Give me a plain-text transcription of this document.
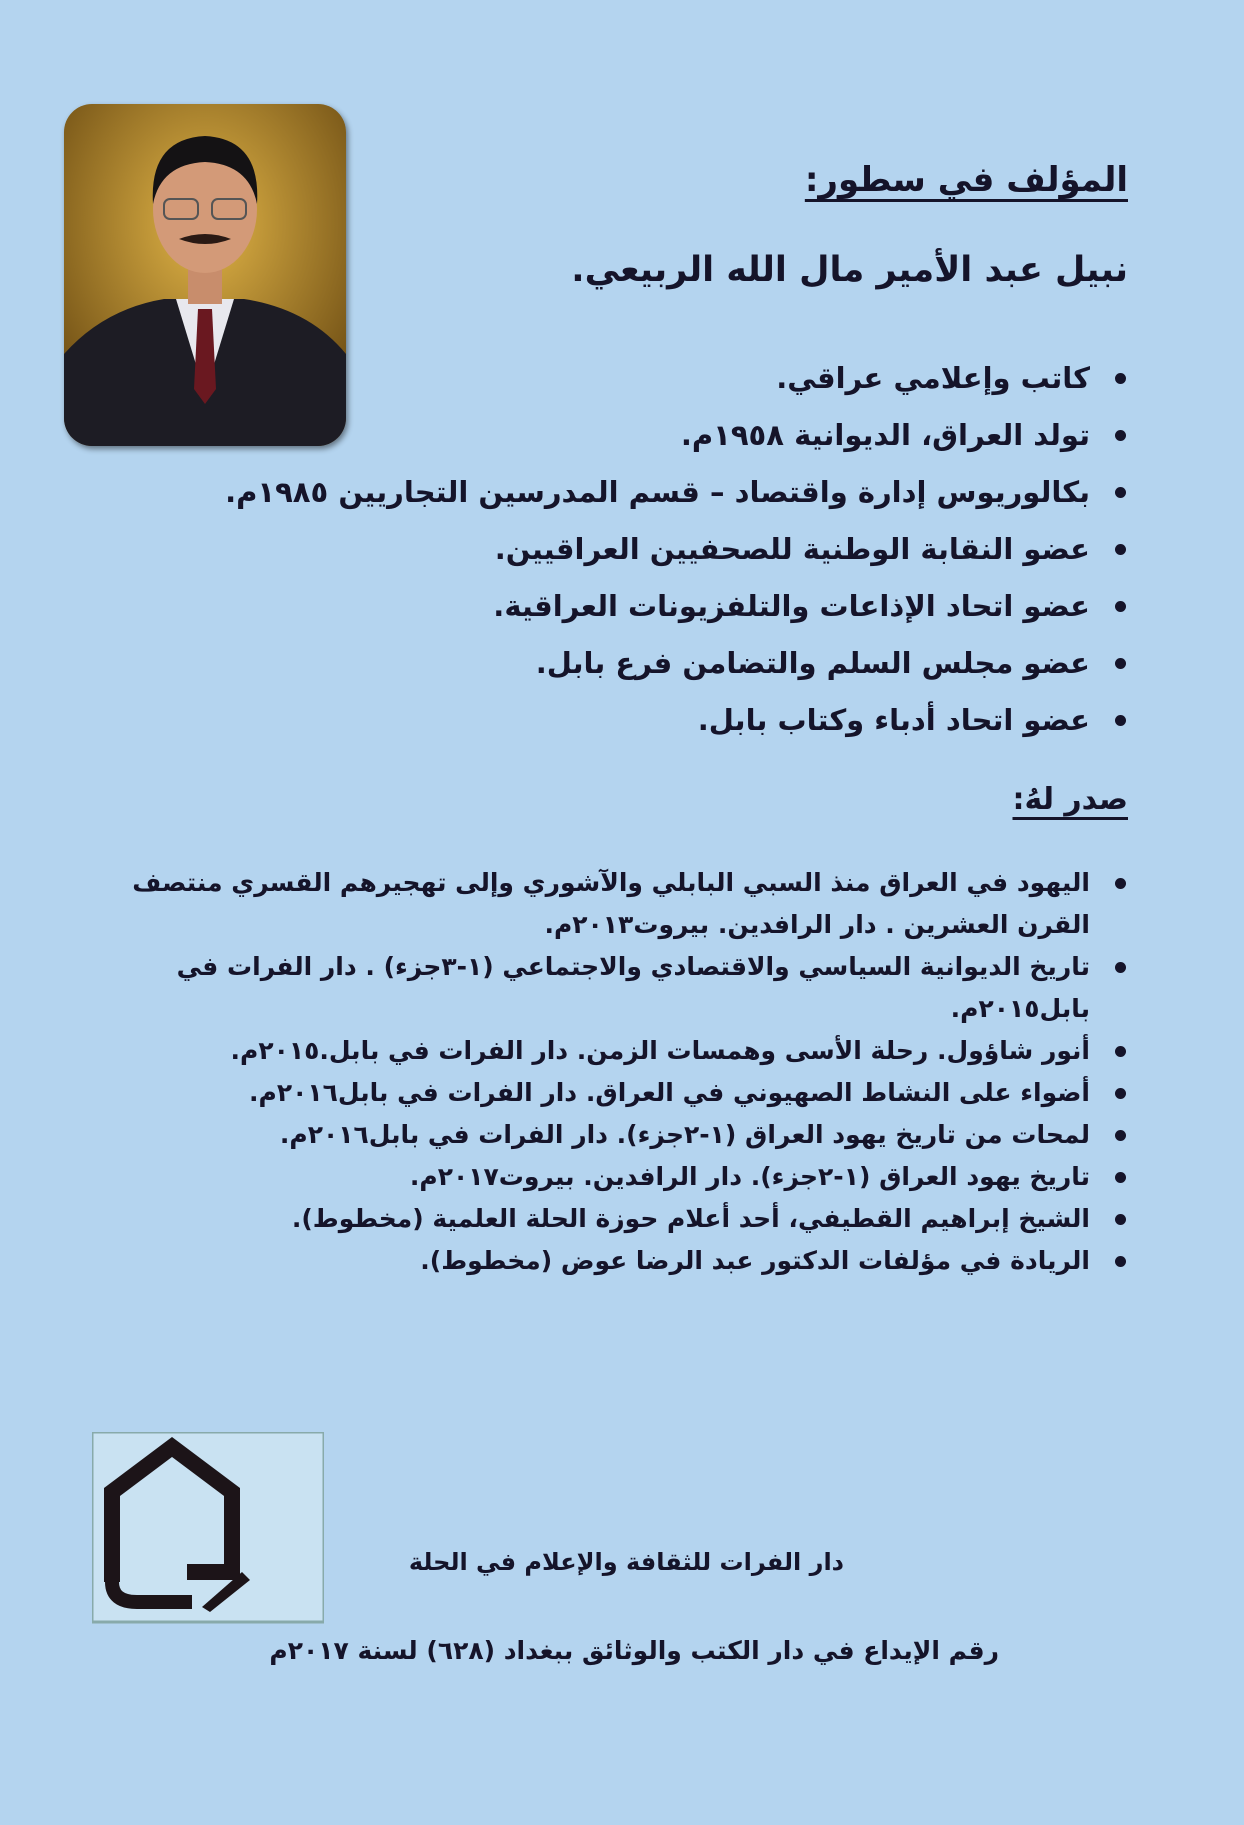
المؤلف في سطور:
نبيل عبد الأمير مال الله الربيعي.
كاتب وإعلامي عراقي.
تولد العراق، الديوانية ١٩٥٨م.
بكالوريوس إدارة واقتصاد – قسم المدرسين التجاريين ١٩٨٥م.
عضو النقابة الوطنية للصحفيين العراقيين.
عضو اتحاد الإذاعات والتلفزيونات العراقية.
عضو مجلس السلم والتضامن فرع بابل.
عضو اتحاد أدباء وكتاب بابل.
صدر لهُ:
اليهود في العراق منذ السبي البابلي والآشوري وإلى تهجيرهم القسري منتصف القرن العشرين . دار الرافدين. بيروت٢٠١٣م.
تاريخ الديوانية السياسي والاقتصادي والاجتماعي (١-٣جزء) . دار الفرات في بابل٢٠١٥م.
أنور شاؤول. رحلة الأسى وهمسات الزمن. دار الفرات في بابل.٢٠١٥م.
أضواء على النشاط الصهيوني في العراق. دار الفرات في بابل٢٠١٦م.
لمحات من تاريخ يهود العراق (١-٢جزء). دار الفرات في بابل٢٠١٦م.
تاريخ يهود العراق (١-٢جزء). دار الرافدين. بيروت٢٠١٧م.
الشيخ إبراهيم القطيفي، أحد أعلام حوزة الحلة العلمية (مخطوط).
الريادة في مؤلفات الدكتور عبد الرضا عوض (مخطوط).
دار الفرات للثقافة والإعلام في الحلة
رقم الإيداع في دار الكتب والوثائق ببغداد (٦٢٨) لسنة ٢٠١٧م
